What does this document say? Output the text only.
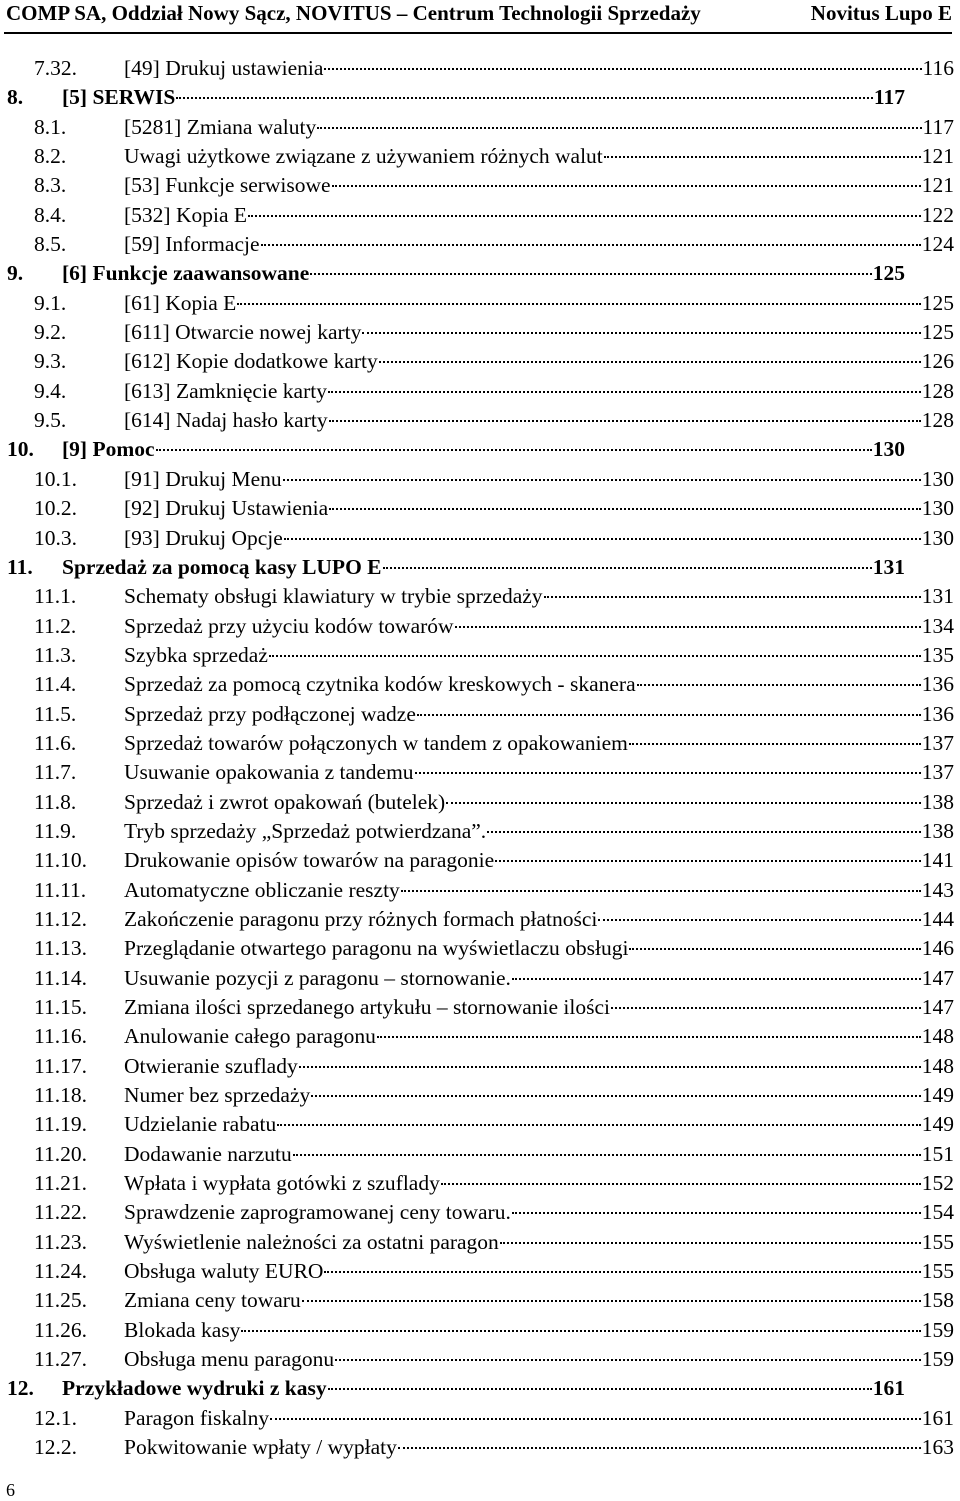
COMP SA, Oddział Nowy Sącz, NOVITUS – Centrum Technologii Sprzedaży	Novitus Lupo E
7.32. [49] Drukuj ustawienia	116
8. [5] SERWIS	117
8.1.	[5281] Zmiana waluty	117
8.2.	Uwagi użytkowe związane z używaniem różnych walut	121
8.3.	[53] Funkcje serwisowe	121
8.4.	[532] Kopia E	122
8.5.	[59] Informacje	124
9. [6] Funkcje zaawansowane	125
9.1.	[61] Kopia E	125
9.2.	[611] Otwarcie nowej karty	125
9.3.	[612] Kopie dodatkowe karty	126
9.4.	[613] Zamknięcie karty	128
9.5.	[614] Nadaj hasło karty	128
10. [9] Pomoc	130
10.1. [91] Drukuj Menu	130
10.2. [92] Drukuj Ustawienia	130
10.3. [93] Drukuj Opcje	130
11. Sprzedaż za pomocą kasy LUPO E	131
11.1. Schematy obsługi klawiatury w trybie sprzedaży	131
11.2. Sprzedaż przy użyciu kodów towarów	134
11.3. Szybka sprzedaż	135
11.4. Sprzedaż za pomocą czytnika kodów kreskowych - skanera	136
11.5. Sprzedaż przy podłączonej wadze	136
11.6. Sprzedaż towarów połączonych w tandem z opakowaniem	137
11.7. Usuwanie opakowania z tandemu	137
11.8. Sprzedaż i zwrot opakowań (butelek)	138
11.9. Tryb sprzedaży „Sprzedaż potwierdzana”.	138
11.10. Drukowanie opisów towarów na paragonie	141
11.11. Automatyczne obliczanie reszty	143
11.12. Zakończenie paragonu przy różnych formach płatności	144
11.13. Przeglądanie otwartego paragonu na wyświetlaczu obsługi	146
11.14. Usuwanie pozycji z paragonu – stornowanie.	147
11.15. Zmiana ilości sprzedanego artykułu – stornowanie ilości	147
11.16. Anulowanie całego paragonu	148
11.17. Otwieranie szuflady	148
11.18. Numer bez sprzedaży	149
11.19. Udzielanie rabatu	149
11.20. Dodawanie narzutu	151
11.21. Wpłata i wypłata gotówki z szuflady	152
11.22. Sprawdzenie zaprogramowanej ceny towaru.	154
11.23. Wyświetlenie należności za ostatni paragon	155
11.24. Obsługa waluty EURO	155
11.25. Zmiana ceny towaru	158
11.26. Blokada kasy	159
11.27. Obsługa menu paragonu	159
12. Przykładowe wydruki z kasy	161
12.1. Paragon fiskalny	161
12.2. Pokwitowanie wpłaty / wypłaty	163
6
